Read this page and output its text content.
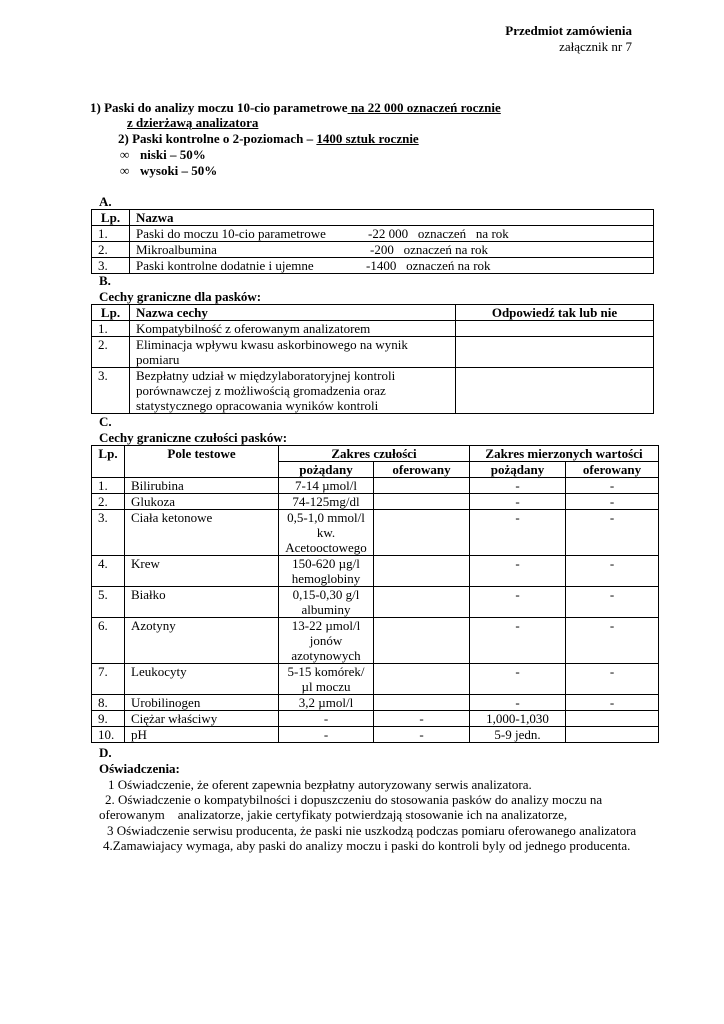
Przedmiot zamówienia
załącznik nr 7
1) Paski do analizy moczu 10-cio parametrowe na 22 000 oznaczeń rocznie
z dzierżawą analizatora
2) Paski kontrolne o 2-poziomach – 1400 sztuk rocznie
∞ niski – 50%
∞ wysoki – 50%
A.
Lp.	Nazwa
1.	Paski do moczu 10-cio parametrowe -22 000   oznaczeń   na rok
2.	Mikroalbumina -200   oznaczeń na rok
3.	Paski kontrolne dodatnie i ujemne -1400   oznaczeń na rok
B.
Cechy graniczne dla pasków:
Lp.	Nazwa cechy	Odpowiedź tak lub nie
1.	Kompatybilność z oferowanym analizatorem	
2.	Eliminacja wpływu kwasu askorbinowego na wynik
pomiaru	

3.	Bezpłatny udział w międzylaboratoryjnej kontroli
porównawczej z możliwością gromadzenia oraz
statystycznego opracowania wyników kontroli	

C.
Cechy graniczne czułości pasków:
Lp.	Pole testowe	Zakres czułości		Zakres mierzonych wartości	
		pożądany	oferowany	pożądany	oferowany
1.	Bilirubina	7-14 µmol/l		-	-
2.	Glukoza	74-125mg/dl		-	-
3.	Ciała ketonowe	0,5-1,0 mmol/l
kw.
Acetooctowego		-	-
4.	Krew	150-620 µg/l
hemoglobiny		-	-
5.	Białko	0,15-0,30 g/l
albuminy		-	-
6.	Azotyny	13-22 µmol/l
jonów
azotynowych		-	-
7.	Leukocyty	5-15 komórek/
µl moczu		-	-
8.	Urobilinogen	3,2 µmol/l		-	-
9.	Ciężar właściwy	-	-	1,000-1,030	
10.	pH	-	-	5-9 jedn.	
D.
Oświadczenia:
1 Oświadczenie, że oferent zapewnia bezpłatny autoryzowany serwis analizatora.
2. Oświadczenie o kompatybilności i dopuszczeniu do stosowania pasków do analizy moczu na
oferowanym    analizatorze, jakie certyfikaty potwierdzają stosowanie ich na analizatorze,
3 Oświadczenie serwisu producenta, że paski nie uszkodzą podczas pomiaru oferowanego analizatora
4.Zamawiajacy wymaga, aby paski do analizy moczu i paski do kontroli byly od jednego producenta.
